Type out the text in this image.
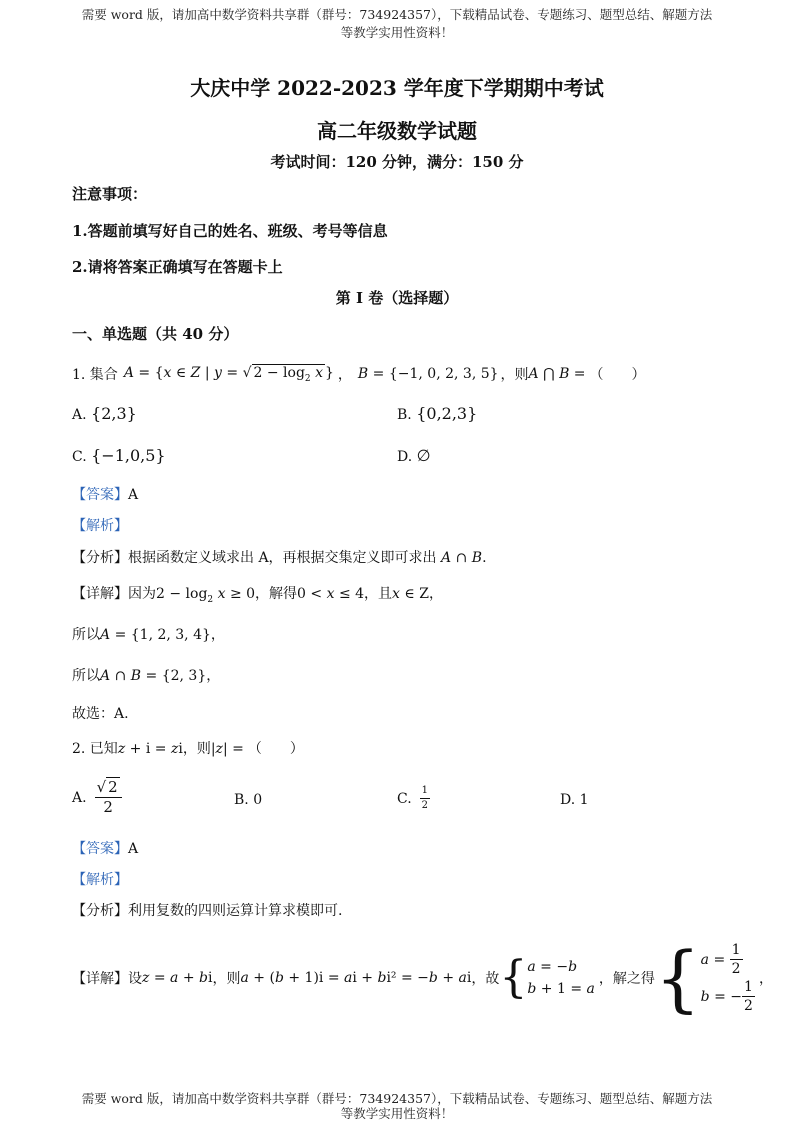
需要 word 版，请加高中数学资料共享群（群号：734924357），下载精品试卷、专题练习、题型总结、解题方法
等教学实用性资料！
大庆中学 2022-2023 学年度下学期期中考试
高二年级数学试题
考试时间：120 分钟，满分：150 分
注意事项：
1.答题前填写好自己的姓名、班级、考号等信息
2.请将答案正确填写在答题卡上
第 I 卷（选择题）
一、单选题（共 40 分）
1. 集合 A = {x ∈ Z | y = √ $2 - \log_2 x$ } ， B = {−1, 0, 2, 3, 5} ，则 A ⋂ B = （　　）
A. {2,3}	B. {0,2,3}
C. {−1,0,5}	D. ∅
【答案】A
【解析】
【分析】根据函数定义域求出 A，再根据交集定义即可求出 A ∩ B.
【详解】因为$2 - \log_2 x \ge 0$，解得0 < x ≤ 4，且x ∈ Z，
所以A = {1, 2, 3, 4}，
所以A ∩ B = {2, 3}，
故选：A.
2. 已知z + i = zi，则|z| = （　　）
A. $\frac{√ 2}{2}$	B. 0	C. $\frac{1}{2}$	D. 1
【答案】A
【解析】
【分析】利用复数的四则运算计算求模即可.
【详解】 设 z = a + bi ，则 a + (b + 1)i = ai + bi² = −b + ai ，故 { a = −b
b + 1 = a
，解之得 { $a = \frac{1}{2}$
b = − $\frac{1}{2}$
，
需要 word 版，请加高中数学资料共享群（群号：734924357），下载精品试卷、专题练习、题型总结、解题方法
等教学实用性资料！
